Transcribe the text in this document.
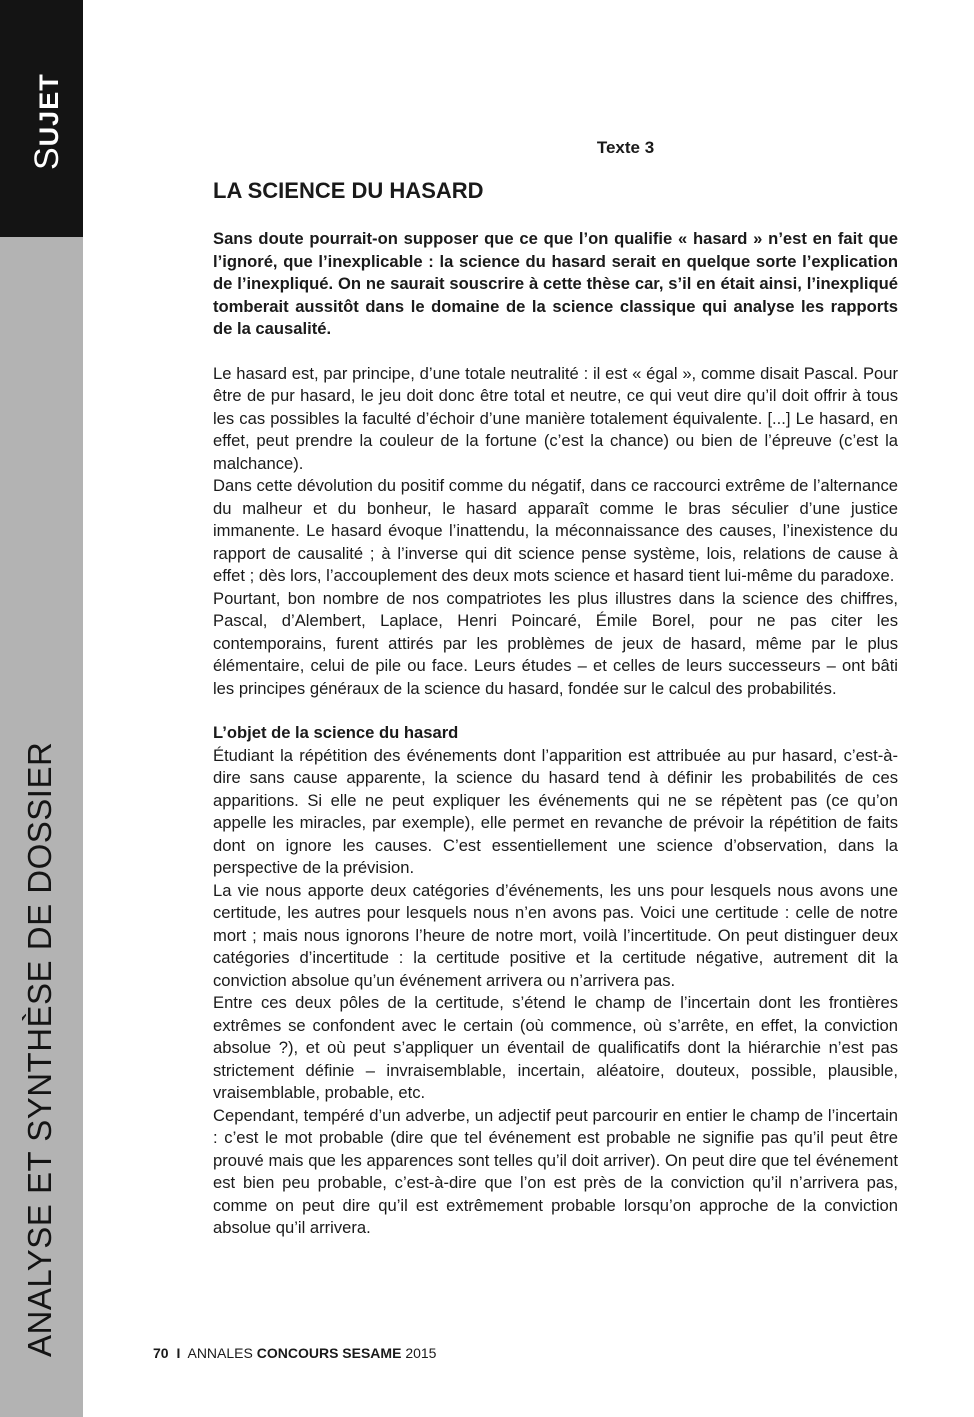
SUJET
ANALYSE ET SYNTHÈSE DE DOSSIER
Texte 3
LA SCIENCE DU HASARD

Sans doute pourrait-on supposer que ce que l’on qualifie « hasard » n’est en fait que l’ignoré, que l’inexplicable : la science du hasard serait en quelque sorte l’explication de l’inexpliqué. On ne saurait souscrire à cette thèse car, s’il en était ainsi, l’inexpliqué tomberait aussitôt dans le domaine de la science classique qui analyse les rapports de la causalité.

Le hasard est, par principe, d’une totale neutralité : il est « égal », comme disait Pascal. Pour être de pur hasard, le jeu doit donc être total et neutre, ce qui veut dire qu’il doit offrir à tous les cas possibles la faculté d’échoir d’une manière totalement équivalente. [...] Le hasard, en effet, peut prendre la couleur de la fortune (c’est la chance) ou bien de l’épreuve (c’est la malchance).

Dans cette dévolution du positif comme du négatif, dans ce raccourci extrême de l’alternance du malheur et du bonheur, le hasard apparaît comme le bras séculier d’une justice immanente. Le hasard évoque l’inattendu, la méconnaissance des causes, l’inexistence du rapport de causalité ; à l’inverse qui dit science pense système, lois, relations de cause à effet ; dès lors, l’accouplement des deux mots science et hasard tient lui-même du paradoxe.

Pourtant, bon nombre de nos compatriotes les plus illustres dans la science des chiffres, Pascal, d’Alembert, Laplace, Henri Poincaré, Émile Borel, pour ne pas citer les contemporains, furent attirés par les problèmes de jeux de hasard, même par le plus élémentaire, celui de pile ou face. Leurs études – et celles de leurs successeurs – ont bâti les principes généraux de la science du hasard, fondée sur le calcul des probabilités.

L’objet de la science du hasard

Étudiant la répétition des événements dont l’apparition est attribuée au pur hasard, c’est-à-dire sans cause apparente, la science du hasard tend à définir les probabilités de ces apparitions. Si elle ne peut expliquer les événements qui ne se répètent pas (ce qu’on appelle les miracles, par exemple), elle permet en revanche de prévoir la répétition de faits dont on ignore les causes. C’est essentiellement une science d’observation, dans la perspective de la prévision.

La vie nous apporte deux catégories d’événements, les uns pour lesquels nous avons une certitude, les autres pour lesquels nous n’en avons pas. Voici une certitude : celle de notre mort ; mais nous ignorons l’heure de notre mort, voilà l’incertitude. On peut distinguer deux catégories d’incertitude : la certitude positive et la certitude négative, autrement dit la conviction absolue qu’un événement arrivera ou n’arrivera pas.

Entre ces deux pôles de la certitude, s’étend le champ de l’incertain dont les frontières extrêmes se confondent avec le certain (où commence, où s’arrête, en effet, la conviction absolue ?), et où peut s’appliquer un éventail de qualificatifs dont la hiérarchie n’est pas strictement définie – invraisemblable, incertain, aléatoire, douteux, possible, plausible, vraisemblable, probable, etc.

Cependant, tempéré d’un adverbe, un adjectif peut parcourir en entier le champ de l’incertain : c’est le mot probable (dire que tel événement est probable ne signifie pas qu’il peut être prouvé mais que les apparences sont telles qu’il doit arriver). On peut dire que tel événement est bien peu probable, c’est-à-dire que l’on est près de la conviction qu’il n’arrivera pas, comme on peut dire qu’il est extrêmement probable lorsqu’on approche de la conviction absolue qu’il arrivera.

70 I ANNALES CONCOURS SESAME 2015
